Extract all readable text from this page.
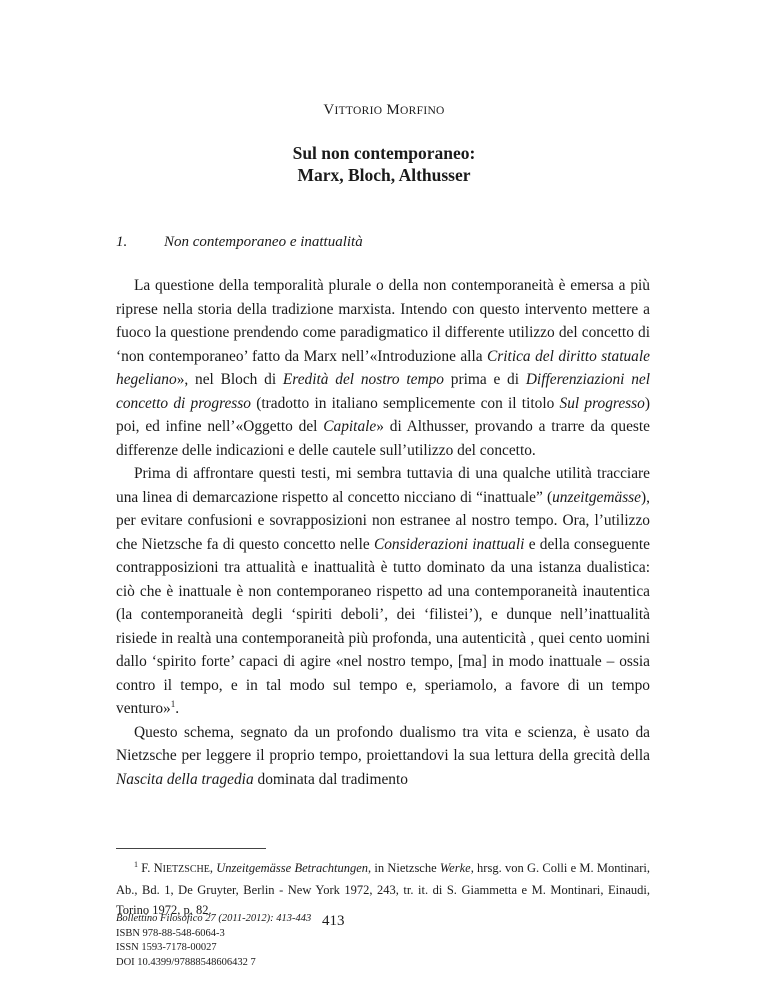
VITTORIO MORFINO
Sul non contemporaneo:
Marx, Bloch, Althusser
1. Non contemporaneo e inattualità

La questione della temporalità plurale o della non contemporaneità è emersa a più riprese nella storia della tradizione marxista. Intendo con questo intervento mettere a fuoco la questione prendendo come paradigmatico il differente utilizzo del concetto di ‘non contemporaneo’ fatto da Marx nell’«Introduzione alla Critica del diritto statuale hegeliano», nel Bloch di Eredità del nostro tempo prima e di Differenziazioni nel concetto di progresso (tradotto in italiano semplicemente con il titolo Sul progresso) poi, ed infine nell’«Oggetto del Capitale» di Althusser, provando a trarre da queste differenze delle indicazioni e delle cautele sull’utilizzo del concetto.

Prima di affrontare questi testi, mi sembra tuttavia di una qualche utilità tracciare una linea di demarcazione rispetto al concetto nicciano di “inattuale” (unzeitgemässe), per evitare confusioni e sovrapposizioni non estranee al nostro tempo. Ora, l’utilizzo che Nietzsche fa di questo concetto nelle Considerazioni inattuali e della conseguente contrapposizioni tra attualità e inattualità è tutto dominato da una istanza dualistica: ciò che è inattuale è non contemporaneo rispetto ad una contemporaneità inautentica (la contemporaneità degli ‘spiriti deboli’, dei ‘filistei’), e dunque nell’inattualità risiede in realtà una contemporaneità più profonda, una autenticità , quei cento uomini dallo ‘spirito forte’ capaci di agire «nel nostro tempo, [ma] in modo inattuale – ossia contro il tempo, e in tal modo sul tempo e, speriamolo, a favore di un tempo venturo»$^1$.

Questo schema, segnato da un profondo dualismo tra vita e scienza, è usato da Nietzsche per leggere il proprio tempo, proiettandovi la sua lettura della grecità della Nascita della tragedia dominata dal tradimento

$^1$ F. NIETZSCHE, Unzeitgemässe Betrachtungen, in Nietzsche Werke, hrsg. von G. Colli e M. Montinari, Ab., Bd. 1, De Gruyter, Berlin - New York 1972, 243, tr. it. di S. Giammetta e M. Montinari, Einaudi, Torino 1972, p. 82.

Bollettino Filosofico 27 (2011-2012): 413-443
ISBN 978-88-548-6064-3
ISSN 1593-7178-00027
DOI 10.4399/97888548606432 7
413
